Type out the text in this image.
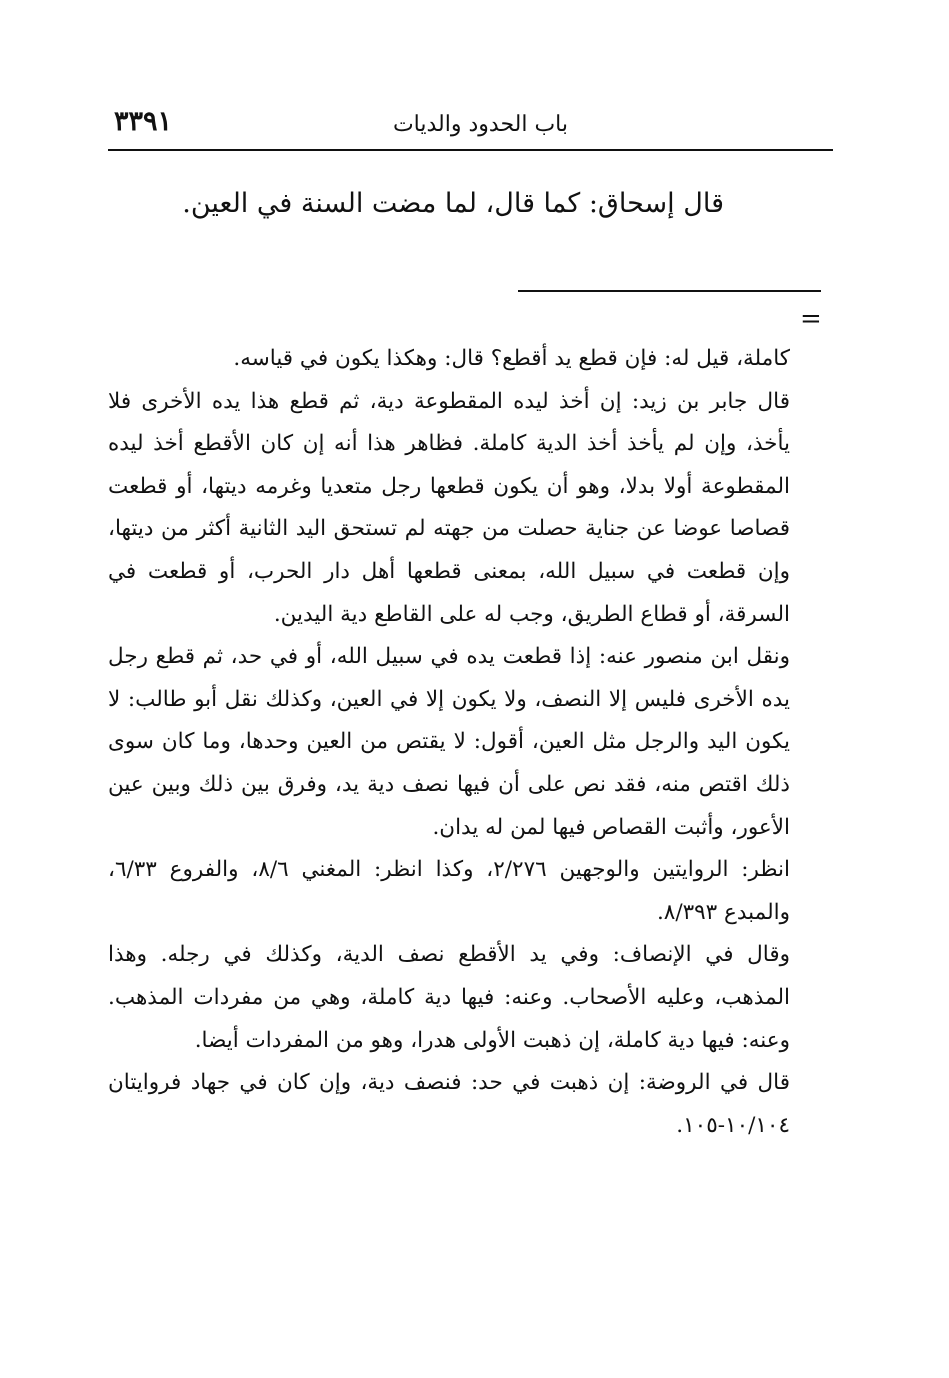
باب الحدود والديات
٣٣٩١
قال إسحاق: كما قال، لما مضت السنة في العين.
=

كاملة، قيل له: فإن قطع يد أقطع؟ قال: وهكذا يكون في قياسه.

قال جابر بن زيد: إن أخذ ليده المقطوعة دية، ثم قطع هذا يده الأخرى فلا يأخذ، وإن لم يأخذ أخذ الدية كاملة. فظاهر هذا أنه إن كان الأقطع أخذ ليده المقطوعة أولا بدلا، وهو أن يكون قطعها رجل متعديا وغرمه ديتها، أو قطعت قصاصا عوضا عن جناية حصلت من جهته لم تستحق اليد الثانية أكثر من ديتها، وإن قطعت في سبيل الله، بمعنى قطعها أهل دار الحرب، أو قطعت في السرقة، أو قطاع الطريق، وجب له على القاطع دية اليدين.

ونقل ابن منصور عنه: إذا قطعت يده في سبيل الله، أو في حد، ثم قطع رجل يده الأخرى فليس إلا النصف، ولا يكون إلا في العين، وكذلك نقل أبو طالب: لا يكون اليد والرجل مثل العين، أقول: لا يقتص من العين وحدها، وما كان سوى ذلك اقتص منه، فقد نص على أن فيها نصف دية يد، وفرق بين ذلك وبين عين الأعور، وأثبت القصاص فيها لمن له يدان.

انظر: الروايتين والوجهين ٢/٢٧٦، وكذا انظر: المغني ٨/٦، والفروع ٦/٣٣، والمبدع ٨/٣٩٣.

وقال في الإنصاف: وفي يد الأقطع نصف الدية، وكذلك في رجله. وهذا المذهب، وعليه الأصحاب. وعنه: فيها دية كاملة، وهي من مفردات المذهب. وعنه: فيها دية كاملة، إن ذهبت الأولى هدرا، وهو من المفردات أيضا.

قال في الروضة: إن ذهبت في حد: فنصف دية، وإن كان في جهاد فروايتان ١٠/١٠٤-١٠٥.
